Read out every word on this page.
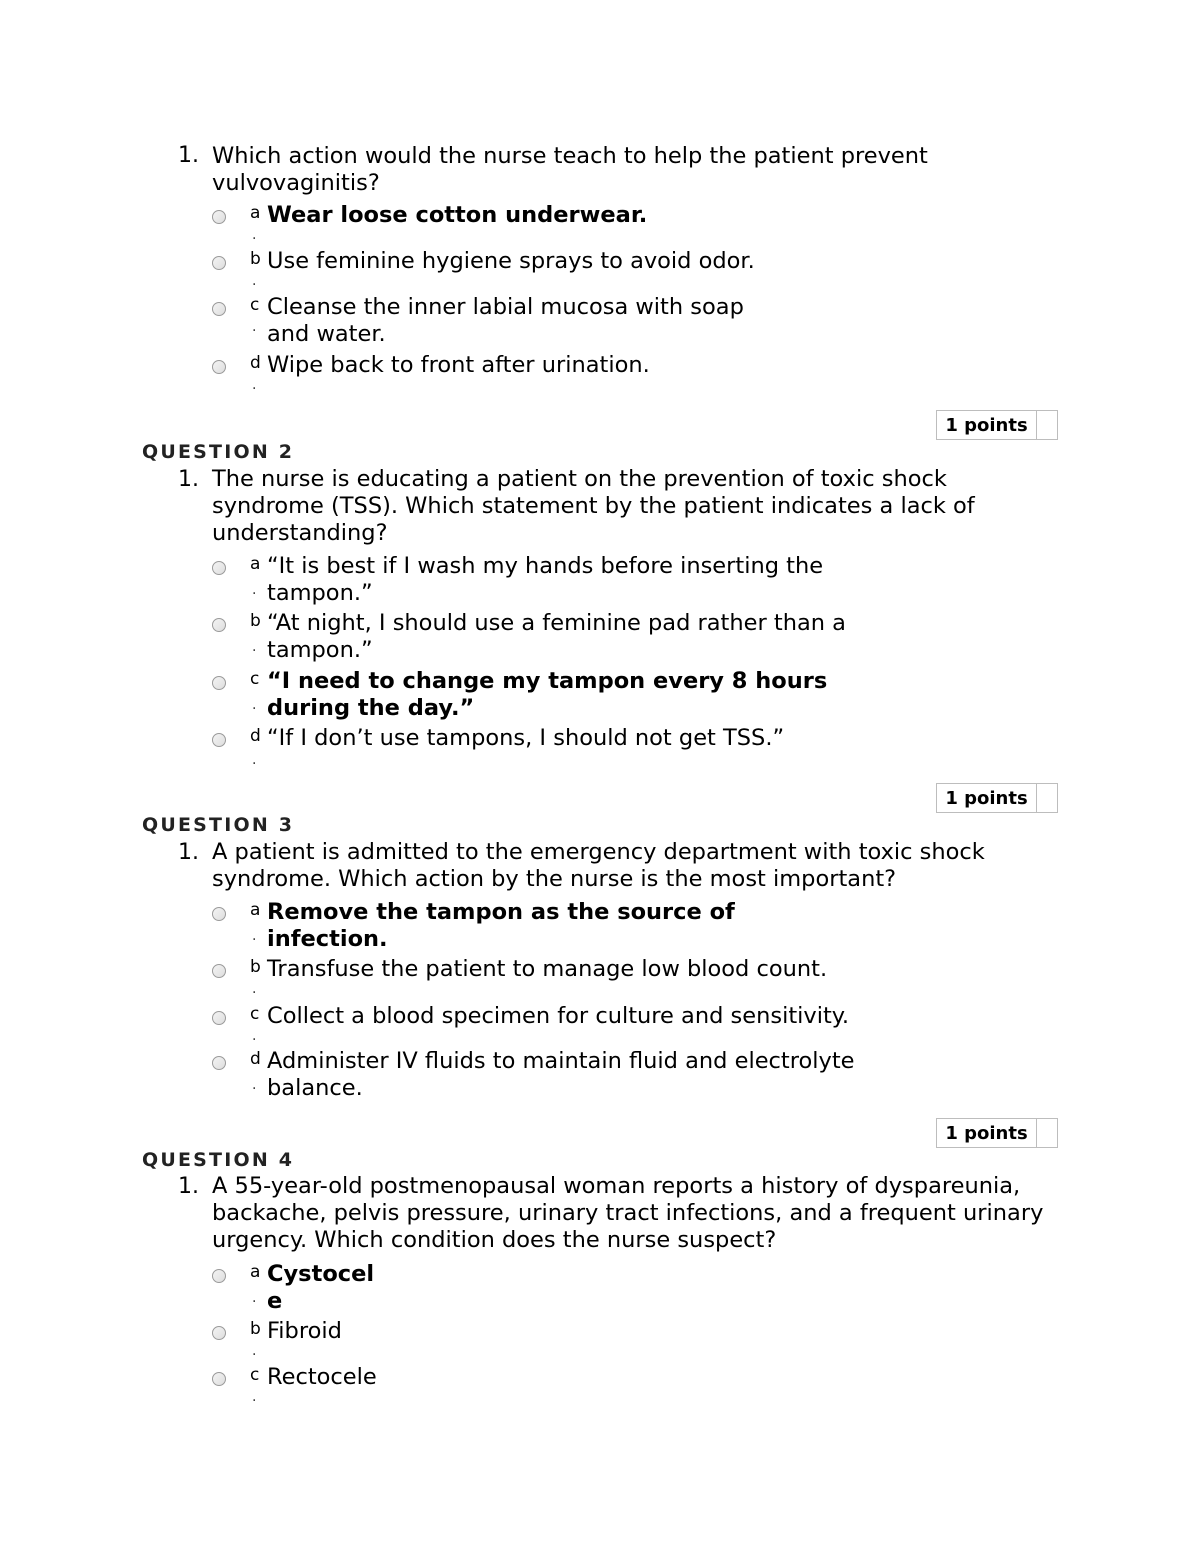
1. Which action would the nurse teach to help the patient prevent vulvovaginitis?
a
·
Wear loose cotton underwear.
b
·
Use feminine hygiene sprays to avoid odor.
c
·
Cleanse the inner labial mucosa with soap and water.
d
·
Wipe back to front after urination.
1 points
QUESTION 2
1. The nurse is educating a patient on the prevention of toxic shock syndrome (TSS). Which statement by the patient indicates a lack of understanding?
a
·
“It is best if I wash my hands before inserting the tampon.”
b
·
“At night, I should use a feminine pad rather than a tampon.”
c
·
“I need to change my tampon every 8 hours during the day.”
d
·
“If I don’t use tampons, I should not get TSS.”
1 points
QUESTION 3
1. A patient is admitted to the emergency department with toxic shock syndrome. Which action by the nurse is the most important?
a
·
Remove the tampon as the source of infection.
b
·
Transfuse the patient to manage low blood count.
c
·
Collect a blood specimen for culture and sensitivity.
d
·
Administer IV fluids to maintain fluid and electrolyte balance.
1 points
QUESTION 4
1. A 55-year-old postmenopausal woman reports a history of dyspareunia, backache, pelvis pressure, urinary tract infections, and a frequent urinary urgency. Which condition does the nurse suspect?
a
·
Cystocele
b
·
Fibroid
c
·
Rectocele
